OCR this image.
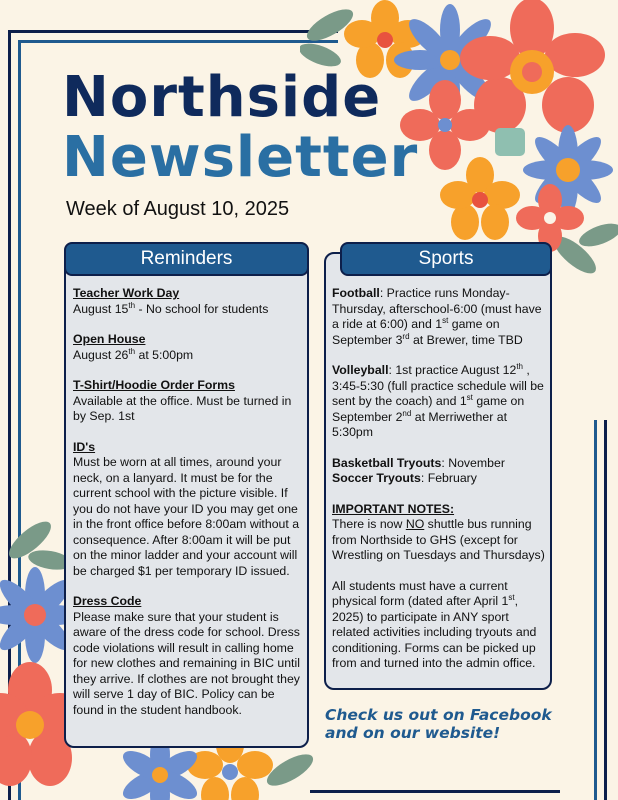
Northside
Newsletter
Week of August 10, 2025
Reminders
Teacher Work Day
August 15th - No school for students
Open House
August 26th at 5:00pm
T-Shirt/Hoodie Order Forms
Available at the office. Must be turned in by Sep. 1st
ID's
Must be worn at all times, around your neck, on a lanyard. It must be for the current school with the picture visible. If you do not have your ID you may get one in the front office before 8:00am without a consequence. After 8:00am it will be put on the minor ladder and your account will be charged $1 per temporary ID issued.
Dress Code
Please make sure that your student is aware of the dress code for school. Dress code violations will result in calling home for new clothes and remaining in BIC until they arrive. If clothes are not brought they will serve 1 day of BIC. Policy can be found in the student handbook.
Sports
Football: Practice runs Monday-Thursday, afterschool-6:00 (must have a ride at 6:00) and 1st game on September 3rd at Brewer, time TBD
Volleyball: 1st practice August 12th , 3:45-5:30 (full practice schedule will be sent by the coach) and 1st game on September 2nd at Merriwether at 5:30pm
Basketball Tryouts: November
Soccer Tryouts: February
IMPORTANT NOTES:
There is now NO shuttle bus running from Northside to GHS (except for Wrestling on Tuesdays and Thursdays)
All students must have a current physical form (dated after April 1st, 2025) to participate in ANY sport related activities including tryouts and conditioning. Forms can be picked up from and turned into the admin office.
Check us out on Facebook
and on our website!
